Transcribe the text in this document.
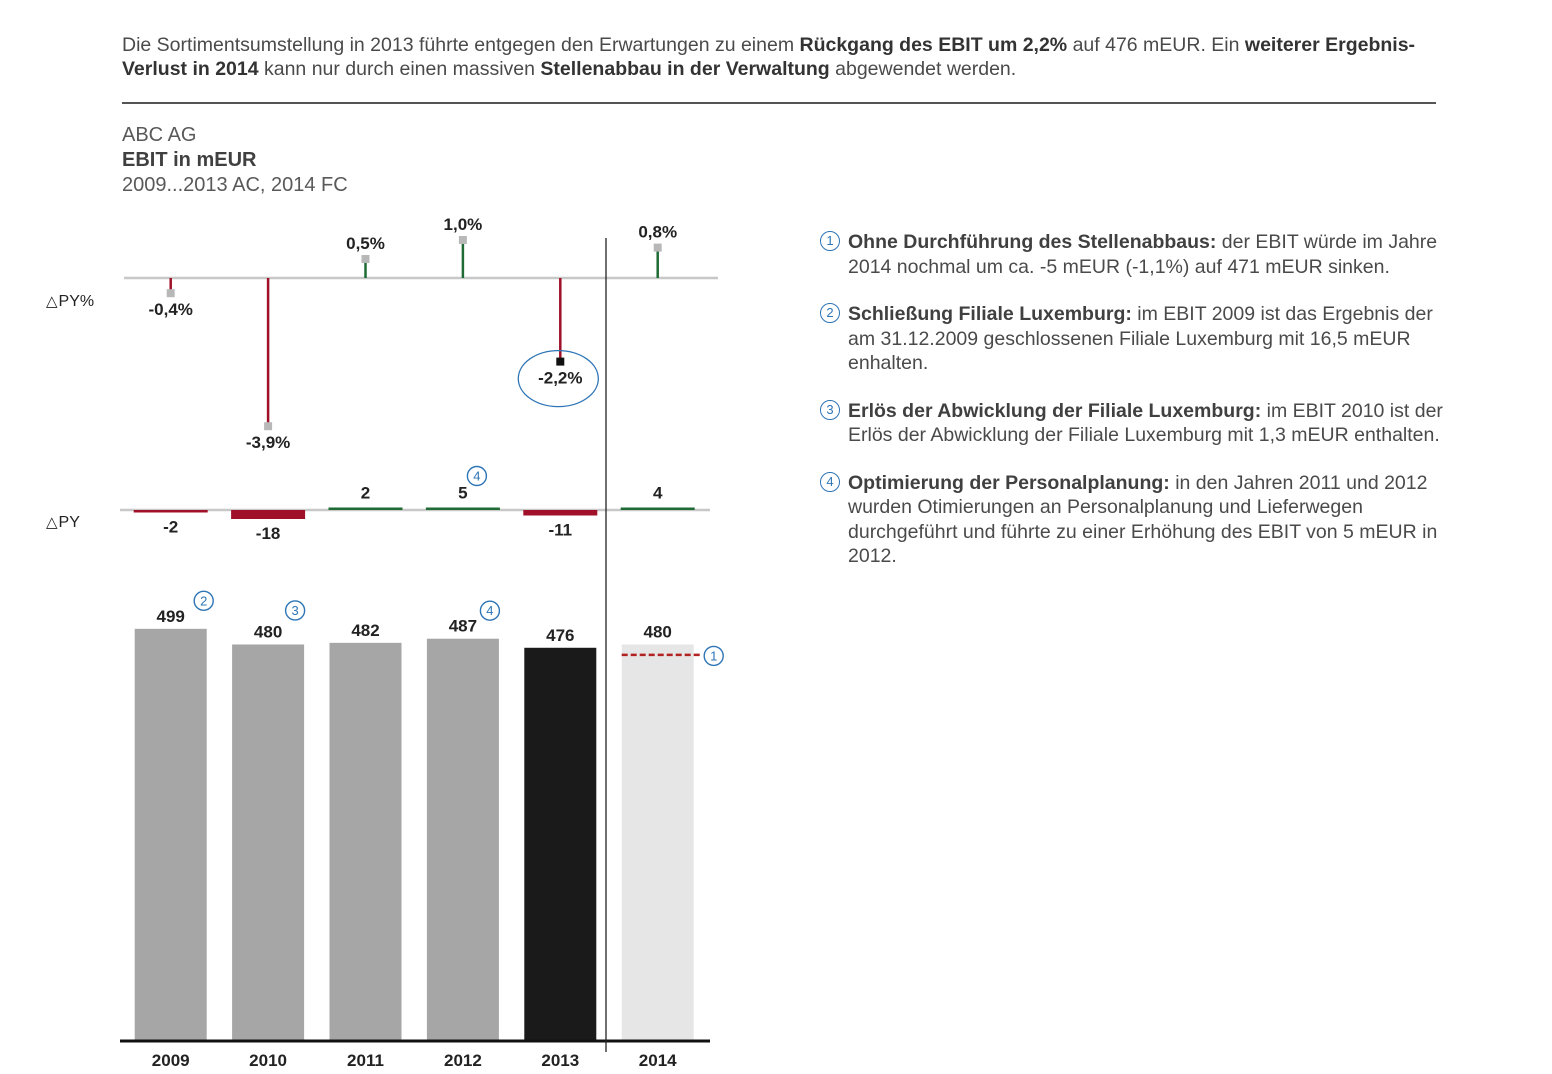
Die Sortimentsumstellung in 2013 führte entgegen den Erwartungen zu einem Rückgang des EBIT um 2,2% auf 476 mEUR. Ein weiterer Ergebnis-Verlust in 2014 kann nur durch einen massiven Stellenabbau in der Verwaltung abgewendet werden.
ABC AG
EBIT in mEUR
2009...2013 AC, 2014 FC
△PY%
△PY
499
2009
480
2010
482
2011
487
2012
476
2013
480
2014
-2	-18
2	5
-11
4
-0,4%
-3,9%
0,5%
1,0%
-2,2%
0,8%
1
2
3	4
4
1 Ohne Durchführung des Stellenabbaus: der EBIT würde im Jahre 2014 nochmal um ca. -5 mEUR (-1,1%) auf 471 mEUR sinken.
2 Schließung Filiale Luxemburg: im EBIT 2009 ist das Ergebnis der am 31.12.2009 geschlossenen Filiale Luxemburg mit 16,5 mEUR enhalten.
3 Erlös der Abwicklung der Filiale Luxemburg: im EBIT 2010 ist der Erlös der Abwicklung der Filiale Luxemburg mit 1,3 mEUR enthalten.
4 Optimierung der Personalplanung: in den Jahren 2011 und 2012 wurden Otimierungen an Personalplanung und Lieferwegen durchgeführt und führte zu einer Erhöhung des EBIT von 5 mEUR in 2012.
